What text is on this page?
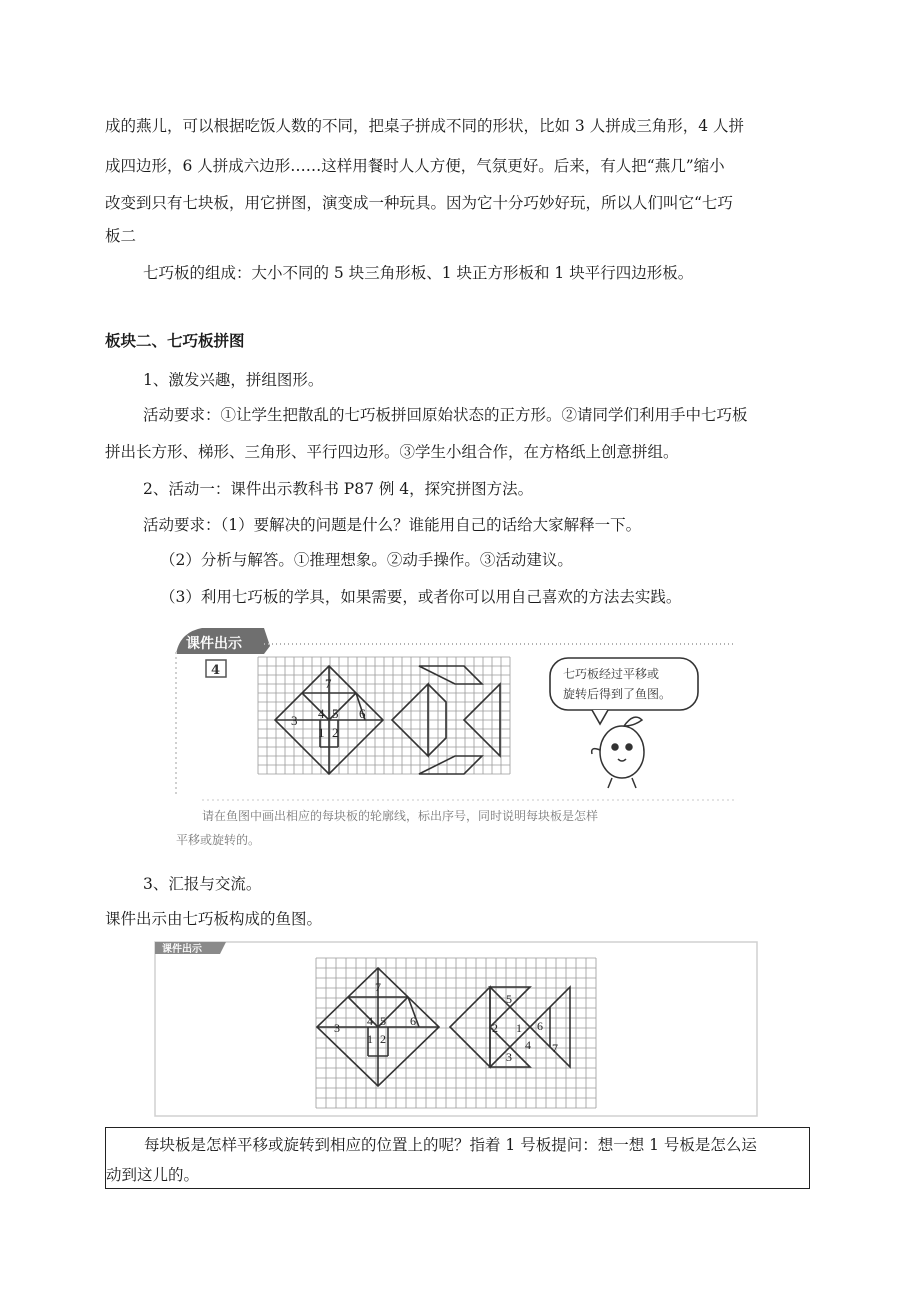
成的燕儿，可以根据吃饭人数的不同，把桌子拼成不同的形状，比如 3 人拼成三角形，4 人拼
成四边形，6 人拼成六边形……这样用餐时人人方便，气氛更好。后来，有人把“燕几”缩小
改变到只有七块板，用它拼图，演变成一种玩具。因为它十分巧妙好玩，所以人们叫它“七巧
板二
七巧板的组成：大小不同的 5 块三角形板、1 块正方形板和 1 块平行四边形板。
板块二、七巧板拼图
1、激发兴趣，拼组图形。
活动要求：①让学生把散乱的七巧板拼回原始状态的正方形。②请同学们利用手中七巧板
拼出长方形、梯形、三角形、平行四边形。③学生小组合作，在方格纸上创意拼组。
2、活动一：课件出示教科书 P87 例 4，探究拼图方法。
活动要求：（1）要解决的问题是什么？谁能用自己的话给大家解释一下。
（2）分析与解答。①推理想象。②动手操作。③活动建议。
（3）利用七巧板的学具，如果需要，或者你可以用自己喜欢的方法去实践。
课件出示
4
7
3 4 5 6
1 2
七巧板经过平移或
旋转后得到了鱼图。
请在鱼图中画出相应的每块板的轮廓线，标出序号，同时说明每块板是怎样
平移或旋转的。
3、汇报与交流。
课件出示由七巧板构成的鱼图。
课件出示
7
3 4 5 6
1 2
5
2 1 6
4
3
7
每块板是怎样平移或旋转到相应的位置上的呢？指着 1 号板提问：想一想 1 号板是怎么运
动到这儿的。
